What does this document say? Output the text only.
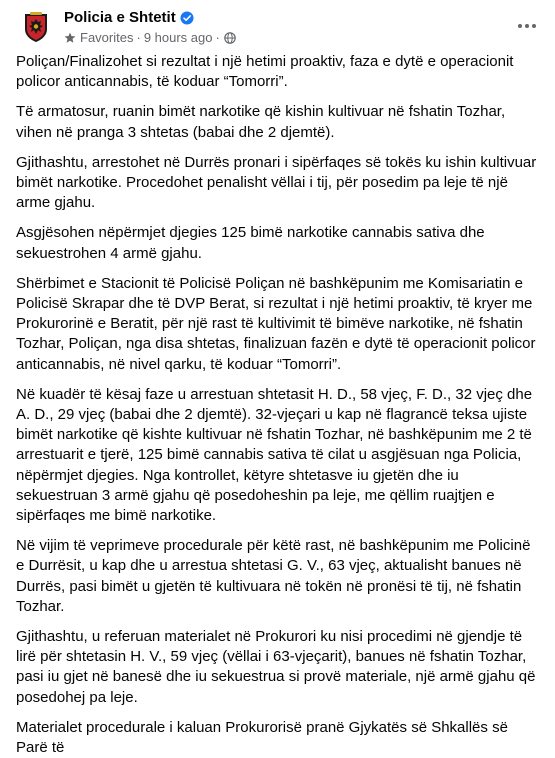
Policia e Shtetit
Favorites · 9 hours ago ·

Poliçan/Finalizohet si rezultat i një hetimi proaktiv, faza e dytë e operacionit policor anticannabis, të koduar “Tomorri”.

Të armatosur, ruanin bimët narkotike që kishin kultivuar në fshatin Tozhar, vihen në pranga 3 shtetas (babai dhe 2 djemtë).

Gjithashtu, arrestohet në Durrës pronari i sipërfaqes së tokës ku ishin kultivuar bimët narkotike. Procedohet penalisht vëllai i tij, për posedim pa leje të një arme gjahu.

Asgjësohen nëpërmjet djegies 125 bimë narkotike cannabis sativa dhe sekuestrohen 4 armë gjahu.

Shërbimet e Stacionit të Policisë Poliçan në bashkëpunim me Komisariatin e Policisë Skrapar dhe të DVP Berat, si rezultat i një hetimi proaktiv, të kryer me Prokurorinë e Beratit, për një rast të kultivimit të bimëve narkotike, në fshatin Tozhar, Poliçan, nga disa shtetas, finalizuan fazën e dytë të operacionit policor anticannabis, në nivel qarku, të koduar “Tomorri”.

Në kuadër të kësaj faze u arrestuan shtetasit H. D., 58 vjeç, F. D., 32 vjeç dhe A. D., 29 vjeç (babai dhe 2 djemtë). 32-vjeçari u kap në flagrancë teksa ujiste bimët narkotike që kishte kultivuar në fshatin Tozhar, në bashkëpunim me 2 të arrestuarit e tjerë, 125 bimë cannabis sativa të cilat u asgjësuan nga Policia, nëpërmjet djegies. Nga kontrollet, këtyre shtetasve iu gjetën dhe iu sekuestruan 3 armë gjahu që posedoheshin pa leje, me qëllim ruajtjen e sipërfaqes me bimë narkotike.

Në vijim të veprimeve procedurale për këtë rast, në bashkëpunim me Policinë e Durrësit, u kap dhe u arrestua shtetasi G. V., 63 vjeç, aktualisht banues në Durrës, pasi bimët u gjetën të kultivuara në tokën në pronësi të tij, në fshatin Tozhar.

Gjithashtu, u referuan materialet në Prokurori ku nisi procedimi në gjendje të lirë për shtetasin H. V., 59 vjeç (vëllai i 63-vjeçarit), banues në fshatin Tozhar, pasi iu gjet në banesë dhe iu sekuestrua si provë materiale, një armë gjahu që posedohej pa leje.

Materialet procedurale i kaluan Prokurorisë pranë Gjykatës së Shkallës së Parë të
